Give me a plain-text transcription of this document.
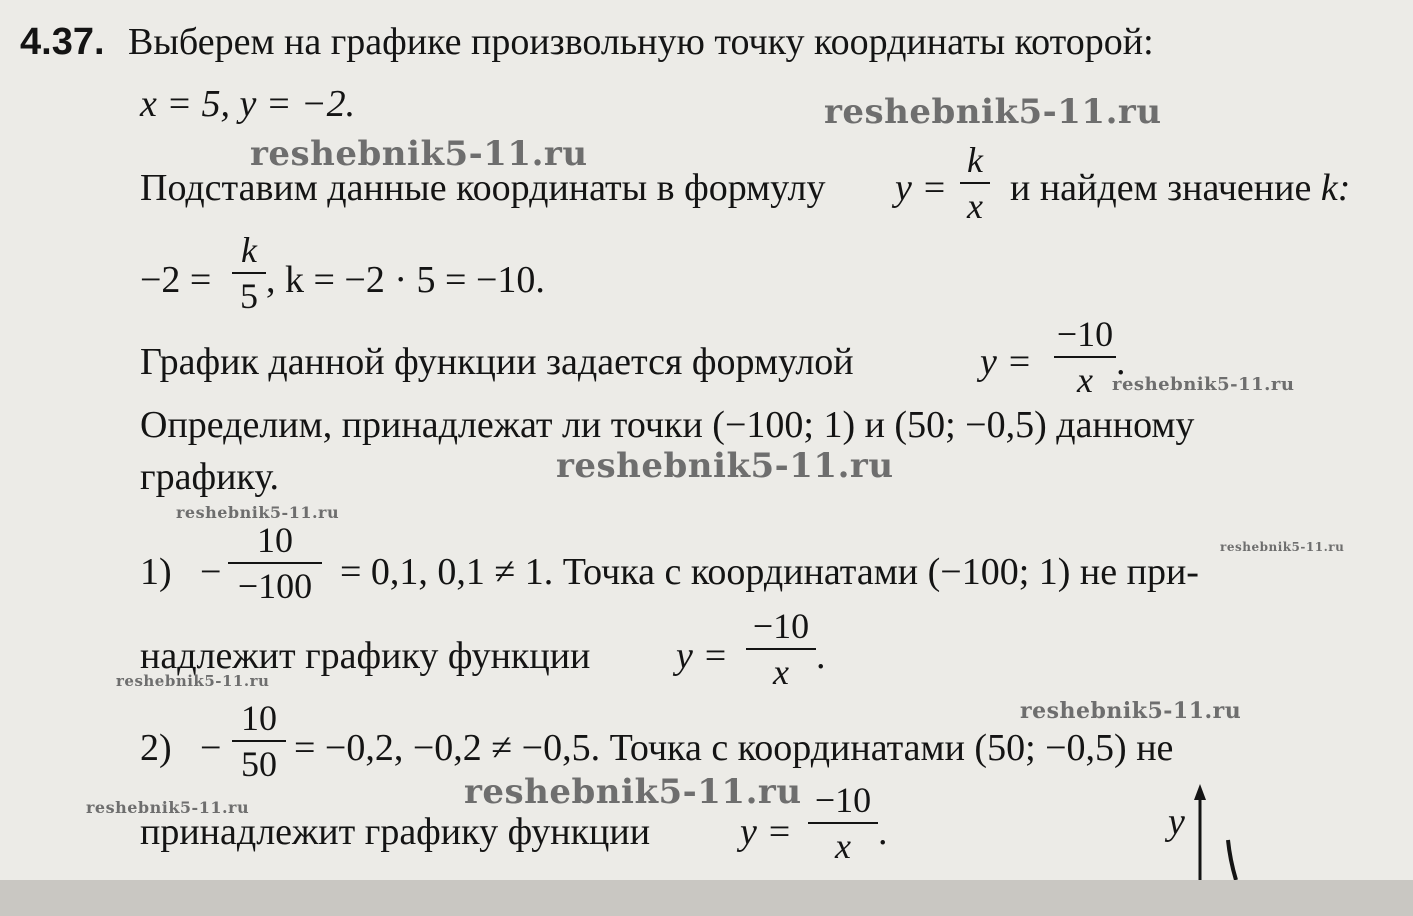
4.37. Выберем на графике произвольную точку координаты которой:
x = 5, y = −2.
Подставим данные координаты в формулу y =
k
x и найдем значение k:
−2 =
k
5 , k = −2 · 5 = −10.
График данной функции задается формулой	y =
−10
x .
Определим, принадлежат ли точки (−100; 1) и (50; −0,5) данному
графику.
1) −
10
−100 = 0,1, 0,1 ≠ 1. Точка с координатами (−100; 1) не при-
надлежит графику функции y =
−10
x .
2) −
10
50 = −0,2, −0,2 ≠ −0,5. Точка с координатами (50; −0,5) не
принадлежит графику функции y =
−10
x .	y
reshebnik5-11.ru
reshebnik5-11.ru
reshebnik5-11.ru
reshebnik5-11.ru
reshebnik5-11.ru
reshebnik5-11.ru
reshebnik5-11.ru
reshebnik5-11.ru
reshebnik5-11.ru
reshebnik5-11.ru
